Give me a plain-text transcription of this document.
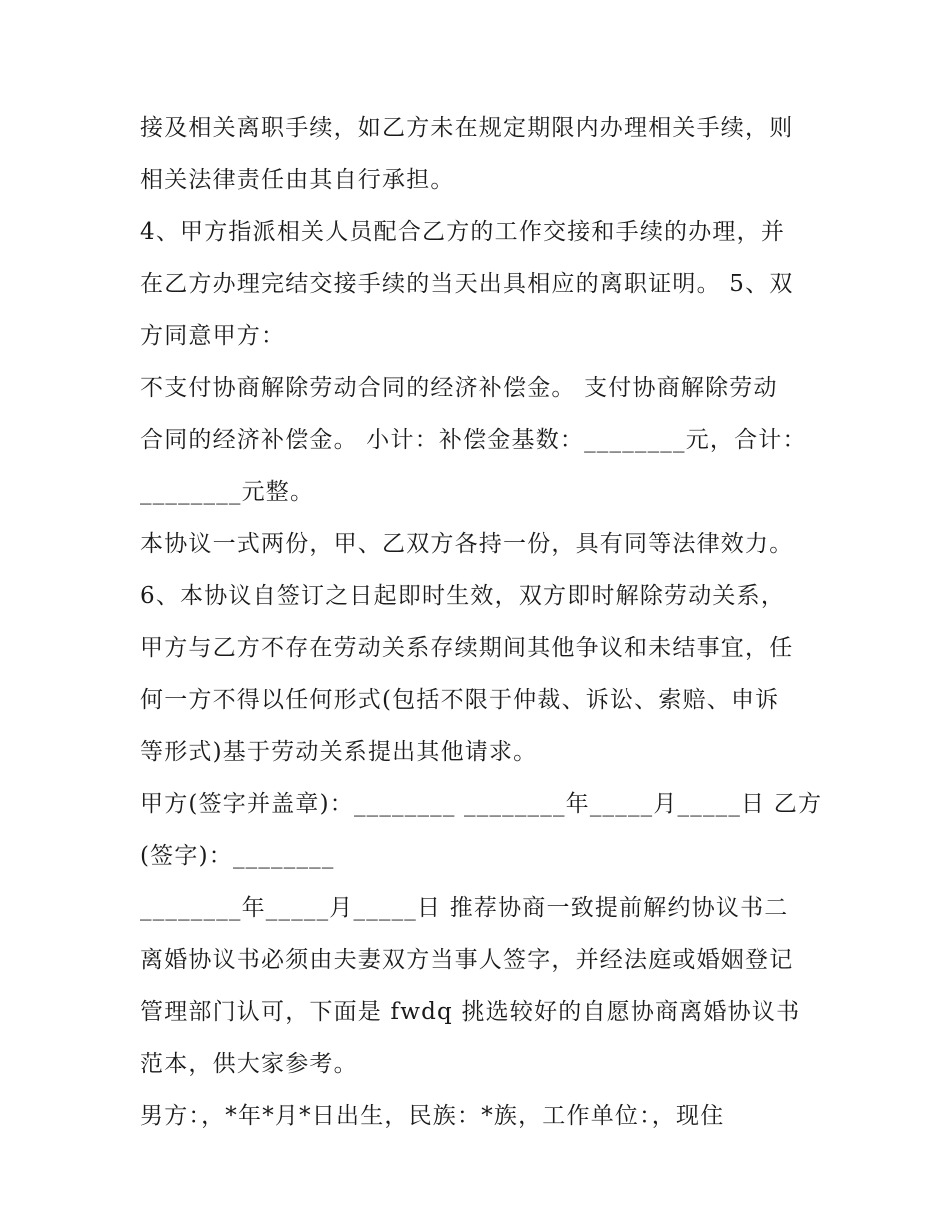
接及相关离职手续，如乙方未在规定期限内办理相关手续，则
相关法律责任由其自行承担。
4、甲方指派相关人员配合乙方的工作交接和手续的办理，并
在乙方办理完结交接手续的当天出具相应的离职证明。 5、双
方同意甲方：
不支付协商解除劳动合同的经济补偿金。 支付协商解除劳动
合同的经济补偿金。 小计：补偿金基数：________元，合计：
________元整。
本协议一式两份，甲、乙双方各持一份，具有同等法律效力。
6、本协议自签订之日起即时生效，双方即时解除劳动关系，
甲方与乙方不存在劳动关系存续期间其他争议和未结事宜，任
何一方不得以任何形式(包括不限于仲裁、诉讼、索赔、申诉
等形式)基于劳动关系提出其他请求。
甲方(签字并盖章)：________ ________年_____月_____日 乙方
(签字)：________
________年_____月_____日 推荐协商一致提前解约协议书二
离婚协议书必须由夫妻双方当事人签字，并经法庭或婚姻登记
管理部门认可，下面是 fwdq 挑选较好的自愿协商离婚协议书
范本，供大家参考。
男方：，*年*月*日出生，民族：*族，工作单位：，现住
